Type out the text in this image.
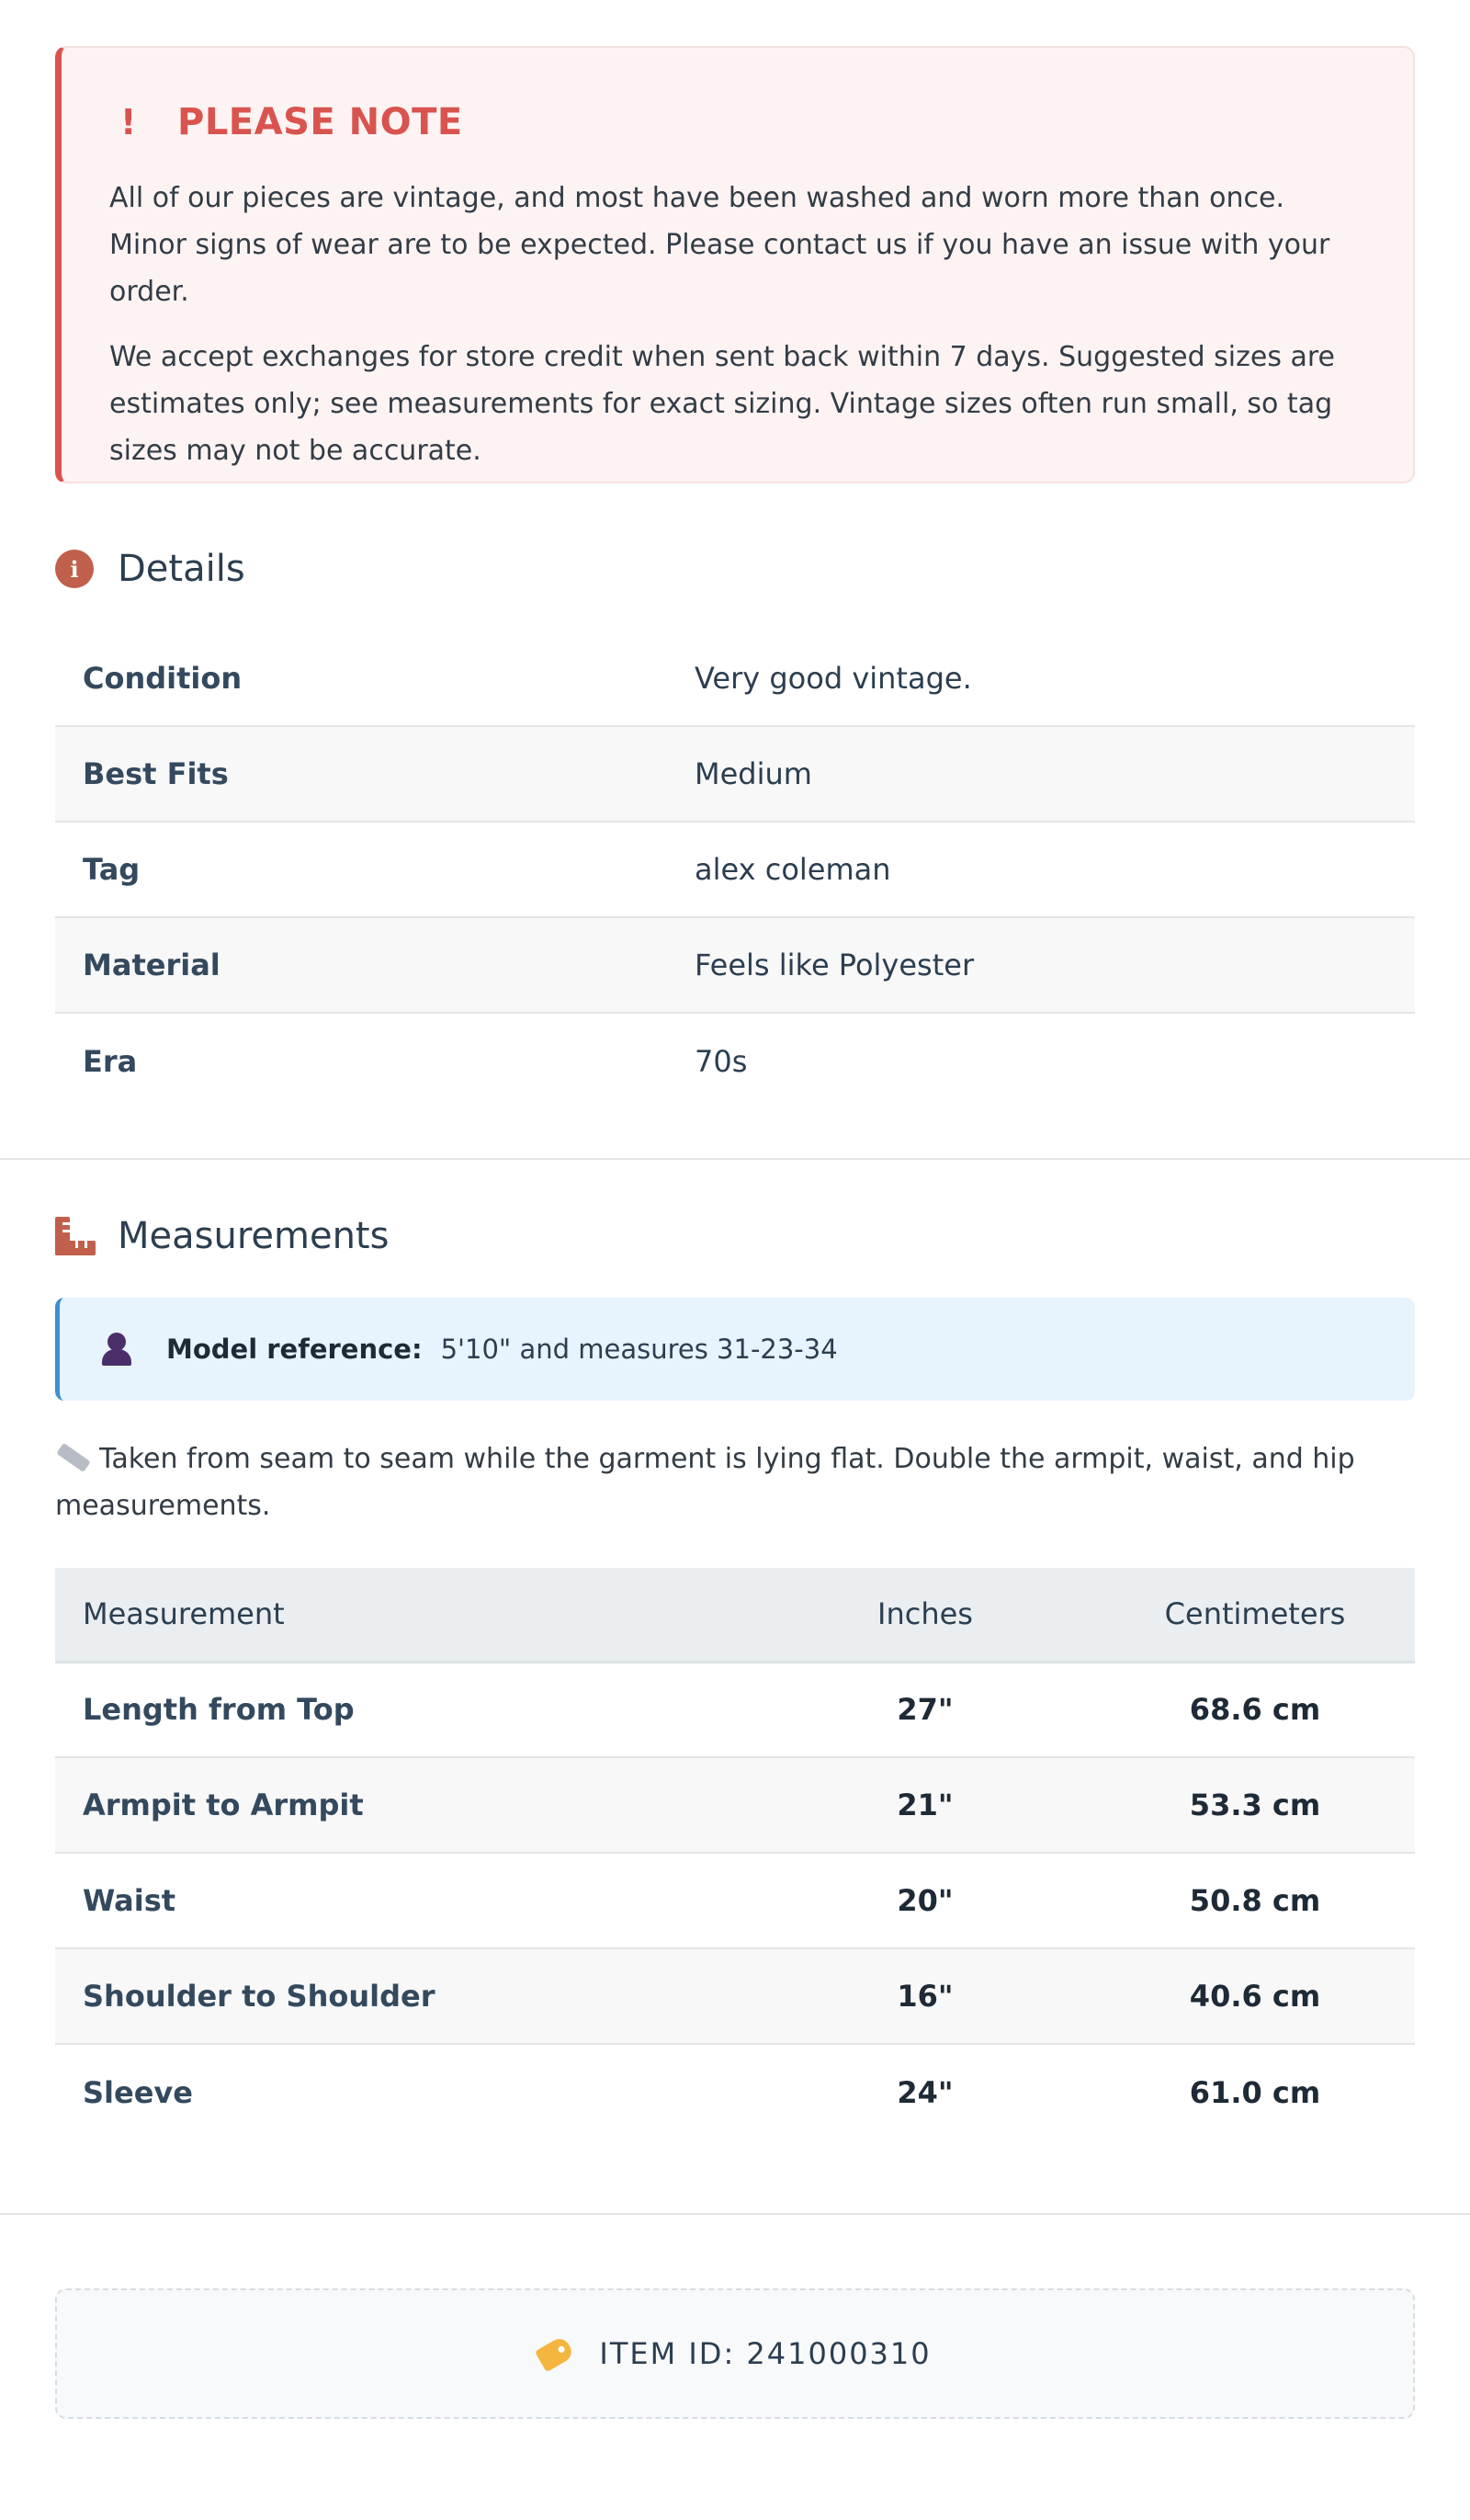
!	PLEASE NOTE

All of our pieces are vintage, and most have been washed and worn more than once. Minor signs of wear are to be expected. Please contact us if you have an issue with your order.

We accept exchanges for store credit when sent back within 7 days. Suggested sizes are estimates only; see measurements for exact sizing. Vintage sizes often run small, so tag sizes may not be accurate.

i	Details
Condition	Very good vintage.
Best Fits	Medium
Tag	alex coleman
Material	Feels like Polyester
Era	70s
Measurements
Model reference: 5'10" and measures 31-23-34
Taken from seam to seam while the garment is lying flat. Double the armpit, waist, and hip measurements.
Measurement	Inches	Centimeters
Length from Top	27"	68.6 cm
Armpit to Armpit	21"	53.3 cm
Waist	20"	50.8 cm
Shoulder to Shoulder	16"	40.6 cm
Sleeve	24"	61.0 cm
ITEM ID: 241000310
